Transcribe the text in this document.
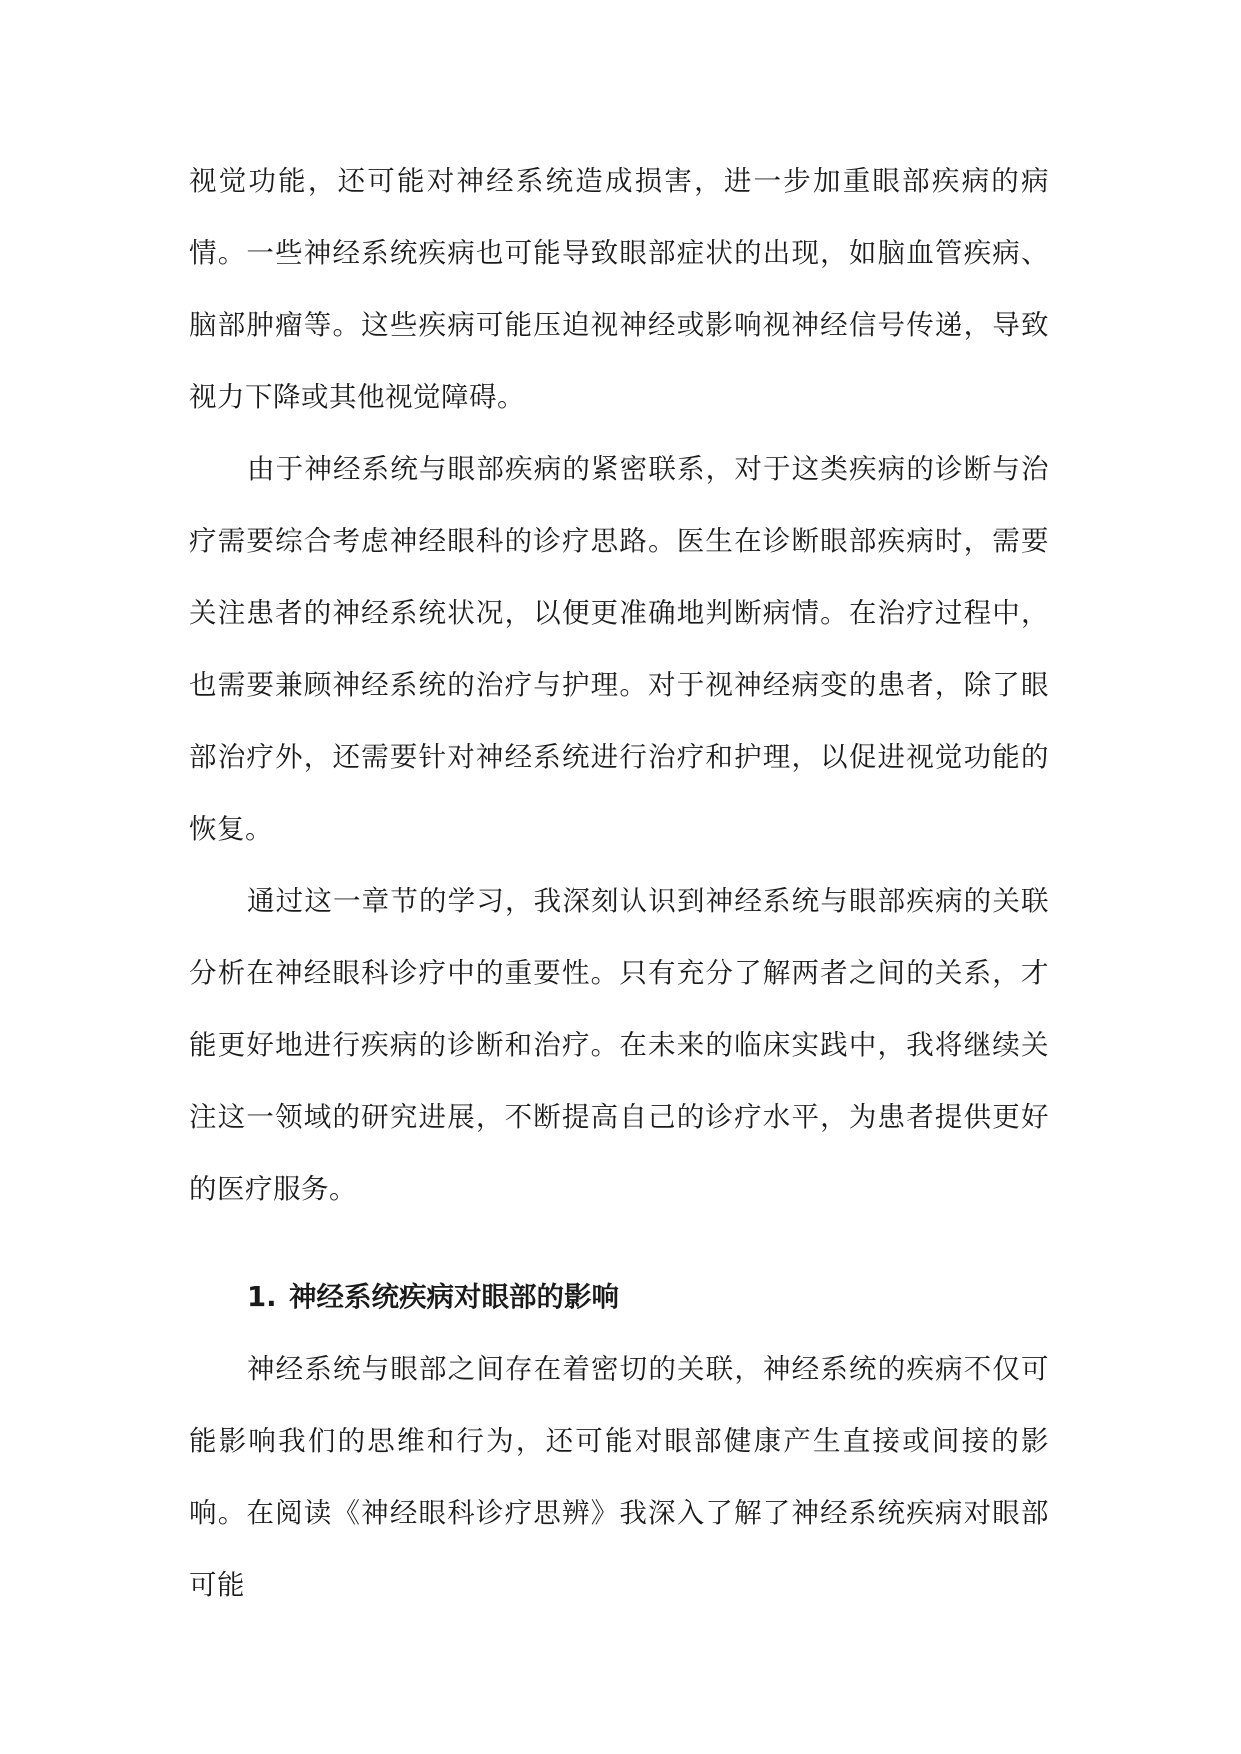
视觉功能，还可能对神经系统造成损害，进一步加重眼部疾病的病情。一些神经系统疾病也可能导致眼部症状的出现，如脑血管疾病、脑部肿瘤等。这些疾病可能压迫视神经或影响视神经信号传递，导致视力下降或其他视觉障碍。

由于神经系统与眼部疾病的紧密联系，对于这类疾病的诊断与治疗需要综合考虑神经眼科的诊疗思路。医生在诊断眼部疾病时，需要关注患者的神经系统状况，以便更准确地判断病情。在治疗过程中，也需要兼顾神经系统的治疗与护理。对于视神经病变的患者，除了眼部治疗外，还需要针对神经系统进行治疗和护理，以促进视觉功能的恢复。

通过这一章节的学习，我深刻认识到神经系统与眼部疾病的关联分析在神经眼科诊疗中的重要性。只有充分了解两者之间的关系，才能更好地进行疾病的诊断和治疗。在未来的临床实践中，我将继续关注这一领域的研究进展，不断提高自己的诊疗水平，为患者提供更好的医疗服务。

1. 神经系统疾病对眼部的影响

神经系统与眼部之间存在着密切的关联，神经系统的疾病不仅可能影响我们的思维和行为，还可能对眼部健康产生直接或间接的影响。在阅读《神经眼科诊疗思辨》我深入了解了神经系统疾病对眼部可能
